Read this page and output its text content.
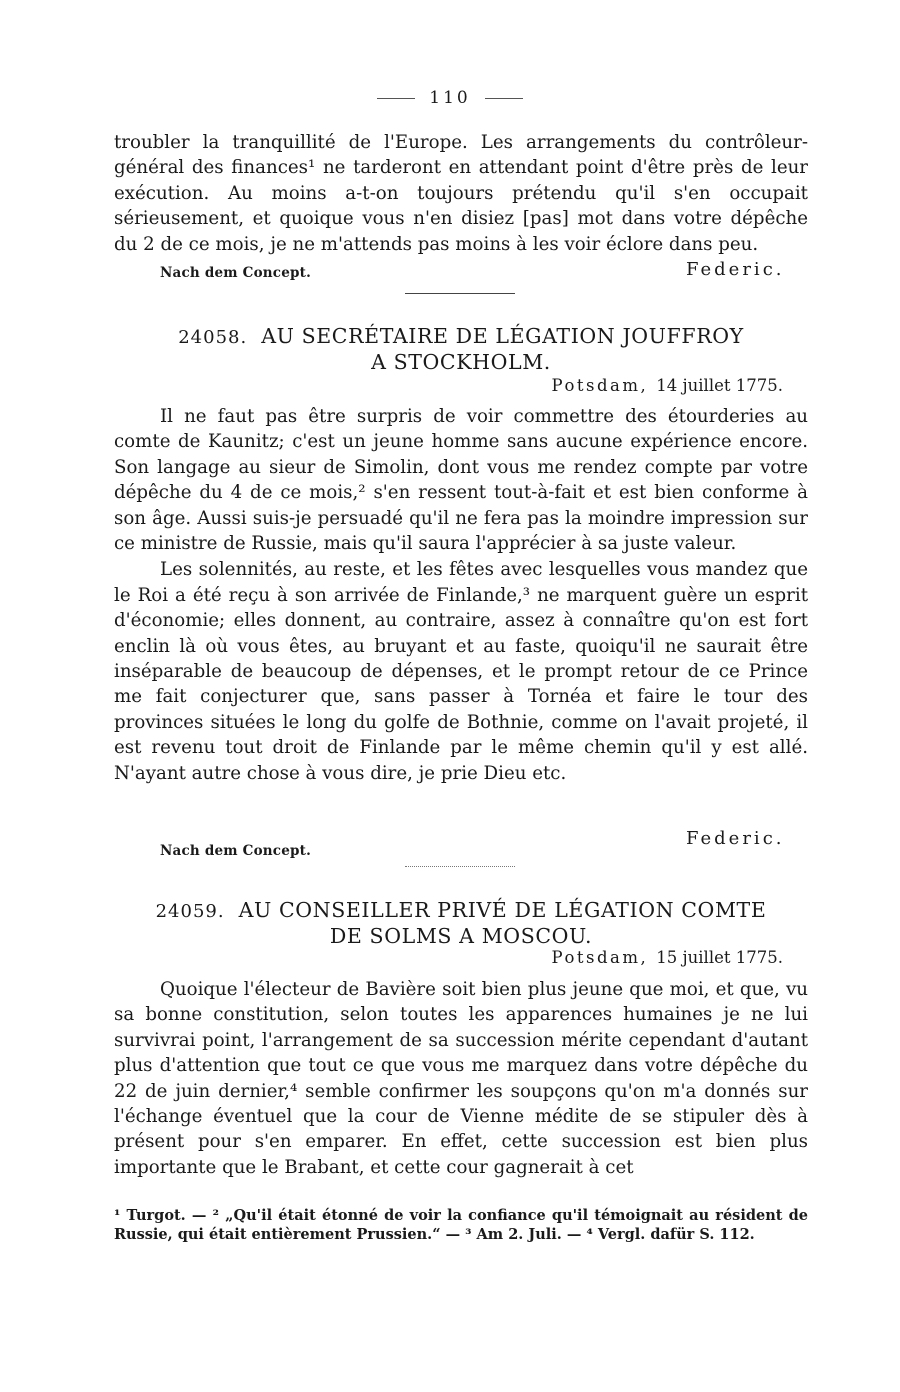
110

troubler la tranquillité de l'Europe. Les arrangements du contrôleur-général des finances¹ ne tarderont en attendant point d'être près de leur exécution. Au moins a-t-on toujours prétendu qu'il s'en occupait sérieusement, et quoique vous n'en disiez [pas] mot dans votre dépêche du 2 de ce mois, je ne m'attends pas moins à les voir éclore dans peu.

Nach dem Concept.	Federic.
24058. AU SECRÉTAIRE DE LÉGATION JOUFFROY
A STOCKHOLM.
Potsdam, 14 juillet 1775.

Il ne faut pas être surpris de voir commettre des étourderies au comte de Kaunitz; c'est un jeune homme sans aucune expérience encore. Son langage au sieur de Simolin, dont vous me rendez compte par votre dépêche du 4 de ce mois,² s'en ressent tout-à-fait et est bien conforme à son âge. Aussi suis-je persuadé qu'il ne fera pas la moindre impression sur ce ministre de Russie, mais qu'il saura l'apprécier à sa juste valeur.

Les solennités, au reste, et les fêtes avec lesquelles vous mandez que le Roi a été reçu à son arrivée de Finlande,³ ne marquent guère un esprit d'économie; elles donnent, au contraire, assez à connaître qu'on est fort enclin là où vous êtes, au bruyant et au faste, quoiqu'il ne saurait être inséparable de beaucoup de dépenses, et le prompt retour de ce Prince me fait conjecturer que, sans passer à Tornéa et faire le tour des provinces situées le long du golfe de Bothnie, comme on l'avait projeté, il est revenu tout droit de Finlande par le même chemin qu'il y est allé. N'ayant autre chose à vous dire, je prie Dieu etc.

Federic.
Nach dem Concept.
24059. AU CONSEILLER PRIVÉ DE LÉGATION COMTE
DE SOLMS A MOSCOU.
Potsdam, 15 juillet 1775.

Quoique l'électeur de Bavière soit bien plus jeune que moi, et que, vu sa bonne constitution, selon toutes les apparences humaines je ne lui survivrai point, l'arrangement de sa succession mérite cependant d'autant plus d'attention que tout ce que vous me marquez dans votre dépêche du 22 de juin dernier,⁴ semble confirmer les soupçons qu'on m'a donnés sur l'échange éventuel que la cour de Vienne médite de se stipuler dès à présent pour s'en emparer. En effet, cette succession est bien plus importante que le Brabant, et cette cour gagnerait à cet

¹ Turgot. — ² „Qu'il était étonné de voir la confiance qu'il témoignait au résident de Russie, qui était entièrement Prussien.“ — ³ Am 2. Juli. — ⁴ Vergl. dafür S. 112.
